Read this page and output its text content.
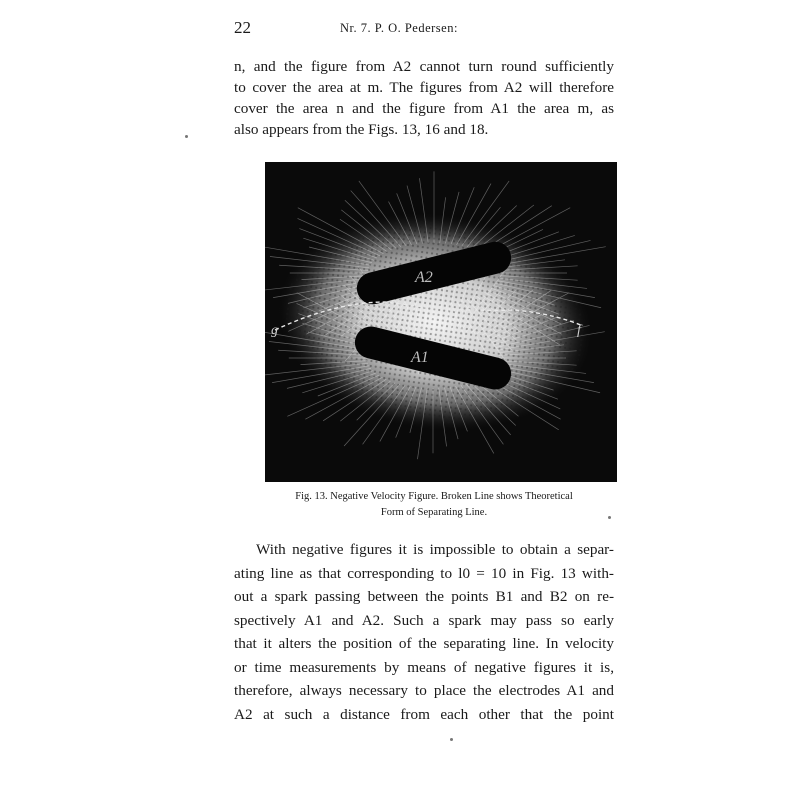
22	Nr. 7. P. O. Pedersen:
n, and the figure from A2 cannot turn round sufficiently
to cover the area at m. The figures from A2 will therefore
cover the area n and the figure from A1 the area m, as
also appears from the Figs. 13, 16 and 18.
A2
A1
g	f
Fig. 13. Negative Velocity Figure. Broken Line shows Theoretical
Form of Separating Line.
With negative figures it is impossible to obtain a separ-
ating line as that corresponding to l0 = 10 in Fig. 13 with-
out a spark passing between the points B1 and B2 on re-
spectively A1 and A2. Such a spark may pass so early
that it alters the position of the separating line. In velocity
or time measurements by means of negative figures it is,
therefore, always necessary to place the electrodes A1 and
A2 at such a distance from each other that the point
